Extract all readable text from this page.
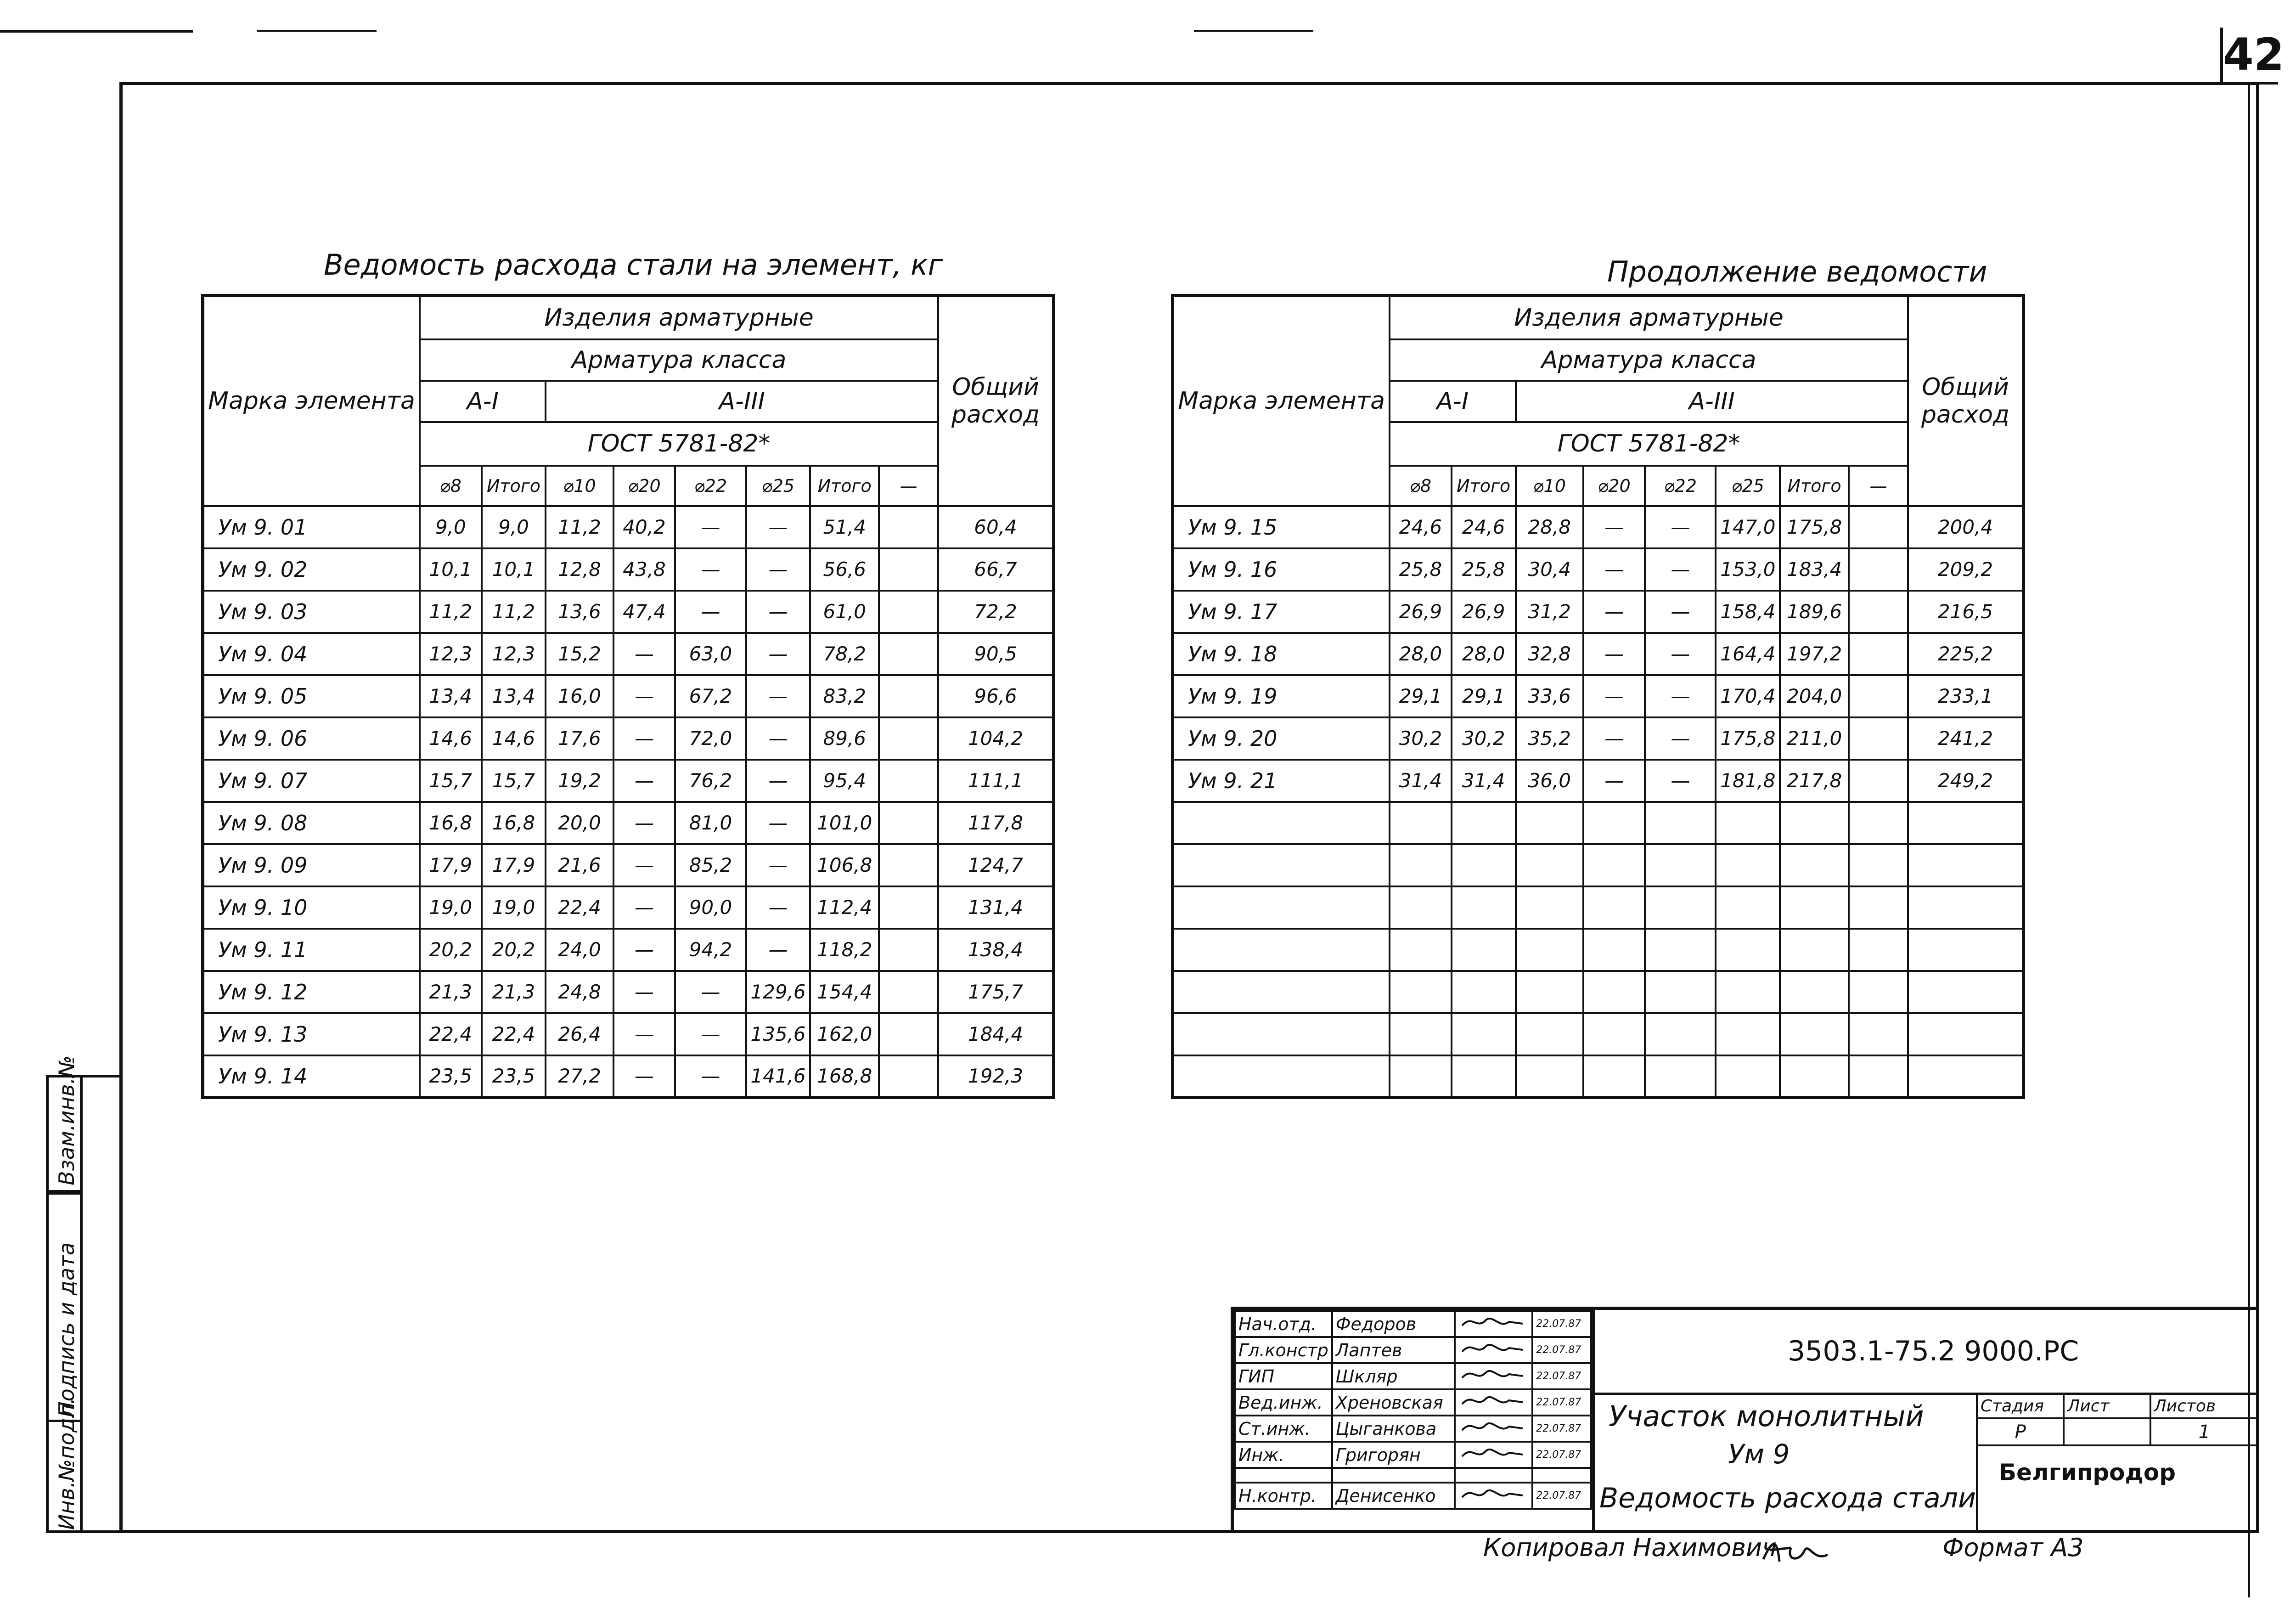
42
Ведомость расхода стали на элемент, кг
Марка элемента	Изделия арматурные								Общий расход
	Арматура класса								
	А-I		А-III						
	ГОСТ 5781-82*								
	⌀8	Итого	⌀10	⌀20	⌀22	⌀25	Итого	—	
Ум 9. 01	9,0	9,0	11,2	40,2	—	—	51,4		60,4
Ум 9. 02	10,1	10,1	12,8	43,8	—	—	56,6		66,7
Ум 9. 03	11,2	11,2	13,6	47,4	—	—	61,0		72,2
Ум 9. 04	12,3	12,3	15,2	—	63,0	—	78,2		90,5
Ум 9. 05	13,4	13,4	16,0	—	67,2	—	83,2		96,6
Ум 9. 06	14,6	14,6	17,6	—	72,0	—	89,6		104,2
Ум 9. 07	15,7	15,7	19,2	—	76,2	—	95,4		111,1
Ум 9. 08	16,8	16,8	20,0	—	81,0	—	101,0		117,8
Ум 9. 09	17,9	17,9	21,6	—	85,2	—	106,8		124,7
Ум 9. 10	19,0	19,0	22,4	—	90,0	—	112,4		131,4
Ум 9. 11	20,2	20,2	24,0	—	94,2	—	118,2		138,4
Ум 9. 12	21,3	21,3	24,8	—	—	129,6	154,4		175,7
Ум 9. 13	22,4	22,4	26,4	—	—	135,6	162,0		184,4
Ум 9. 14	23,5	23,5	27,2	—	—	141,6	168,8		192,3
Продолжение ведомости
Марка элемента	Изделия арматурные								Общий расход
	Арматура класса								
	А-I		А-III						
	ГОСТ 5781-82*								
	⌀8	Итого	⌀10	⌀20	⌀22	⌀25	Итого	—	
Ум 9. 15	24,6	24,6	28,8	—	—	147,0	175,8		200,4
Ум 9. 16	25,8	25,8	30,4	—	—	153,0	183,4		209,2
Ум 9. 17	26,9	26,9	31,2	—	—	158,4	189,6		216,5
Ум 9. 18	28,0	28,0	32,8	—	—	164,4	197,2		225,2
Ум 9. 19	29,1	29,1	33,6	—	—	170,4	204,0		233,1
Ум 9. 20	30,2	30,2	35,2	—	—	175,8	211,0		241,2
Ум 9. 21	31,4	31,4	36,0	—	—	181,8	217,8		249,2

Взам.инв.№
Подпись и дата
Инв.№подл.
Нач.отд.	Федоров		22.07.87
Гл.констр	Лаптев		22.07.87
ГИП	Шкляр		22.07.87
Вед.инж.	Хреновская		22.07.87
Ст.инж.	Цыганкова		22.07.87
Инж.	Григорян		22.07.87

Н.контр.	Денисенко		22.07.87
3503.1-75.2 9000.РС
Участок монолитный
Ум 9
Ведомость расхода стали
Стадия	Лист	Листов
Р		1
Белгипродор
Копировал Нахимович	Формат А3
